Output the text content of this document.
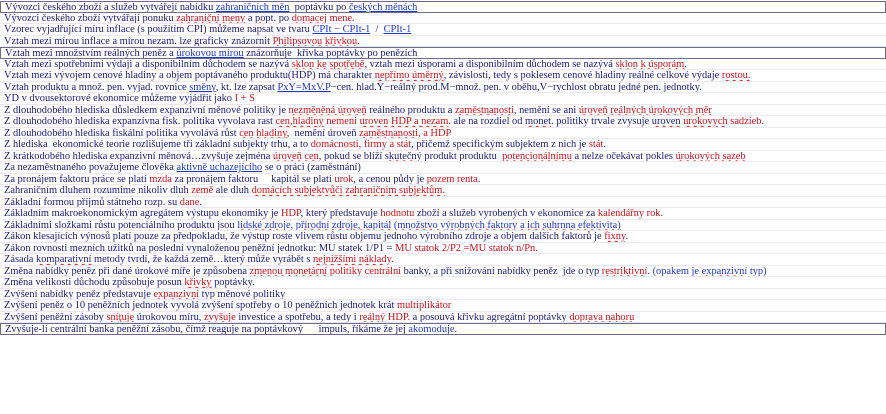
Vývozci českého zboží a služeb vytvářejí nabídku zahraničních měn  poptávku po českých měnách
Vývozci českého zboží vytvářají ponuku zahraniční meny a popt. po domacej mene.
Vzorec vyjadřující míru inflace (s použitím CPI) můžeme napsat ve tvaru CPIt − CPIt-1  /  CPIt-1
Vztah mezi mírou inflace a mírou nezam. lze graficky znázornit Philipsovou křivkou.
Vztah mezi množstvím reálných peněz a úrokovou mírou znázorňuje  křivka poptávky po penězích
Vztah mezi spotřebními výdaji a disponibilním důchodem se nazývá sklon ke spotřebě, vztah mezi úsporami a disponibilním důchodem se nazývá sklon k úsporám.
Vztah mezi vývojem cenové hladiny a objem poptávaného produktu(HDP) má charakter nepřímo úměrný, závislosti, tedy s poklesem cenové hladiny reálné celkové výdaje rostou.
Vztah produktu a množ. pen. vyjad. rovnice směny, kt. lze zapsat PxY=MxV.P−cen. hlad.Y−reálný prod.M−množ. pen. v oběhu,V−rychlost obratu jedné pen. jednotky.
YD v dvousektorové ekonomice můžeme vyjádřit jako I + S
Z dlouhodobého hlediska důsledkem expanzivní měnové politiky je nezměněná úroveň reálného produktu a zaměstnanosti, nemění se ani úroveň reálných úrokových měr
Z dlouhodobého hlediska expanzívna fisk. politika vyvolava rast cen,hladiny nemeni uroven HDP a nezam. ale na rozdiel od monet. politiky trvale zvysuje uroven urokovych sadzieb.
Z dlouhodobého hlediska fiskální politika vyvolává růst cen hladiny,  nemění úroveň zaměstnanosti, a HDP
Z hlediska  ekonomické teorie rozlišujeme tři základní subjekty trhu, a to domácnosti, firmy a stát, přičemž specifickým subjektem z nich je stát.
Z krátkodobého hlediska expanzivní měnová…zvyšuje zejména úroveň cen, pokud se blíží skutečný produkt produktu  potencionálnímu a nelze očekávat pokles úrokových sazeb
Za nezaměstnaného považujeme člověka aktivně uchazejícího se o práci (zaměstnání)
Za pronájem faktoru práce se platí mzda za pronájem faktoru     kapitál se platí urok, a cenou půdy je pozem renta.
Zahraničním dluhem rozumíme nikoliv dluh země ale dluh domácích subjektvůči zahraničním subjektům.
Základní formou příjmů státneho rozp. su dane.
Základním makroekonomickým agregátem výstupu ekonomiky je HDP, který představuje hodnotu zboží a služeb vyrobených v ekonomice za kalendářny rok.
Základními složkami růstu potenciálního produktu jsou lidské zdroje, přírodní zdroje, kapitál (množstvo výrobných faktory a ich suhrnna efektivita)
Zákon klesajících výnosů platí pouze za předpokladu, že výstup roste vlivem růstu objemu jednoho výrobního zdroje a objem dalších faktorů je fixny.
Zákon rovnosti mezních užitků na poslední vynaloženou peněžní jednotku: MU statek 1/P1 = MU statok 2/P2 =MU statok n/Pn.
Zásada komparativní metody tvrdí, že každá země…který může vyrábět s nejnižšími náklady.
Změna nabídky peněz při dané úrokové míře je způsobena zmenou monetární politiky centrální banky, a při snižování nabídky peněz  jde o typ restriktivní. (opakem je expanzivní typ)
Změna velikosti důchodu způsobuje posun křivky poptávky.
Zvýšení nabídky peněz představuje expanzivní typ měnové politiky
Zvýšení peněz o 10 peněžních jednotek vyvolá zvýšení spotřeby o 10 peněžních jednotek krát multiplikátor
Zvýšení peněžní zásoby sníţuje úrokovou míru, zvyšuje investice a spotřebu, a tedy i reálný HDP. a posouvá křivku agregátní poptávky doprava nahoru
Zvyšuje-li centrální banka peněžní zásobu, čímž reaguje na poptávkový      impuls, říkáme že jej akomoduje.
